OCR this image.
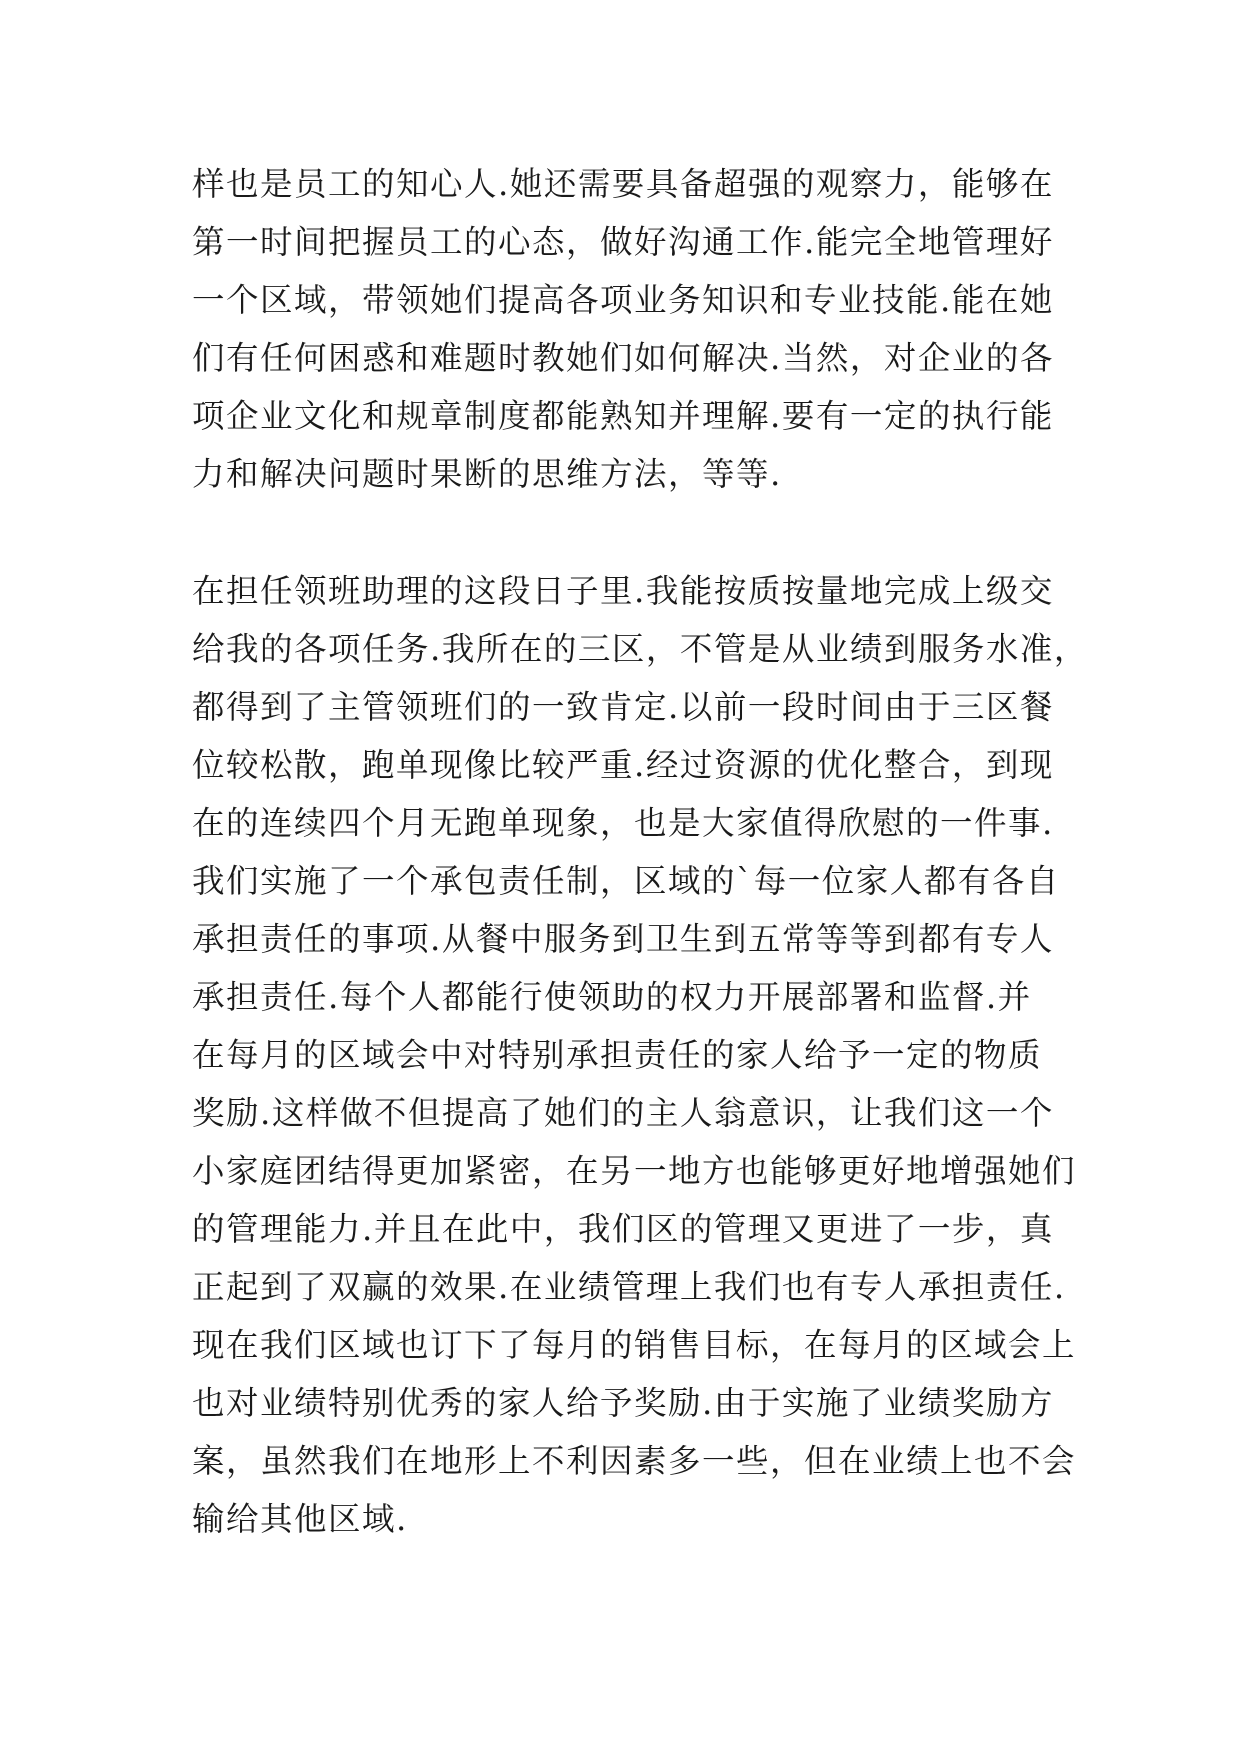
样也是员工的知心人.她还需要具备超强的观察力，能够在
第一时间把握员工的心态，做好沟通工作.能完全地管理好
一个区域，带领她们提高各项业务知识和专业技能.能在她
们有任何困惑和难题时教她们如何解决.当然，对企业的各
项企业文化和规章制度都能熟知并理解.要有一定的执行能
力和解决问题时果断的思维方法，等等.
在担任领班助理的这段日子里.我能按质按量地完成上级交
给我的各项任务.我所在的三区，不管是从业绩到服务水准，
都得到了主管领班们的一致肯定.以前一段时间由于三区餐
位较松散，跑单现像比较严重.经过资源的优化整合，到现
在的连续四个月无跑单现象，也是大家值得欣慰的一件事.
我们实施了一个承包责任制，区域的`每一位家人都有各自
承担责任的事项.从餐中服务到卫生到五常等等到都有专人
承担责任.每个人都能行使领助的权力开展部署和监督.并
在每月的区域会中对特别承担责任的家人给予一定的物质
奖励.这样做不但提高了她们的主人翁意识，让我们这一个
小家庭团结得更加紧密，在另一地方也能够更好地增强她们
的管理能力.并且在此中，我们区的管理又更进了一步，真
正起到了双赢的效果.在业绩管理上我们也有专人承担责任.
现在我们区域也订下了每月的销售目标，在每月的区域会上
也对业绩特别优秀的家人给予奖励.由于实施了业绩奖励方
案，虽然我们在地形上不利因素多一些，但在业绩上也不会
输给其他区域.
